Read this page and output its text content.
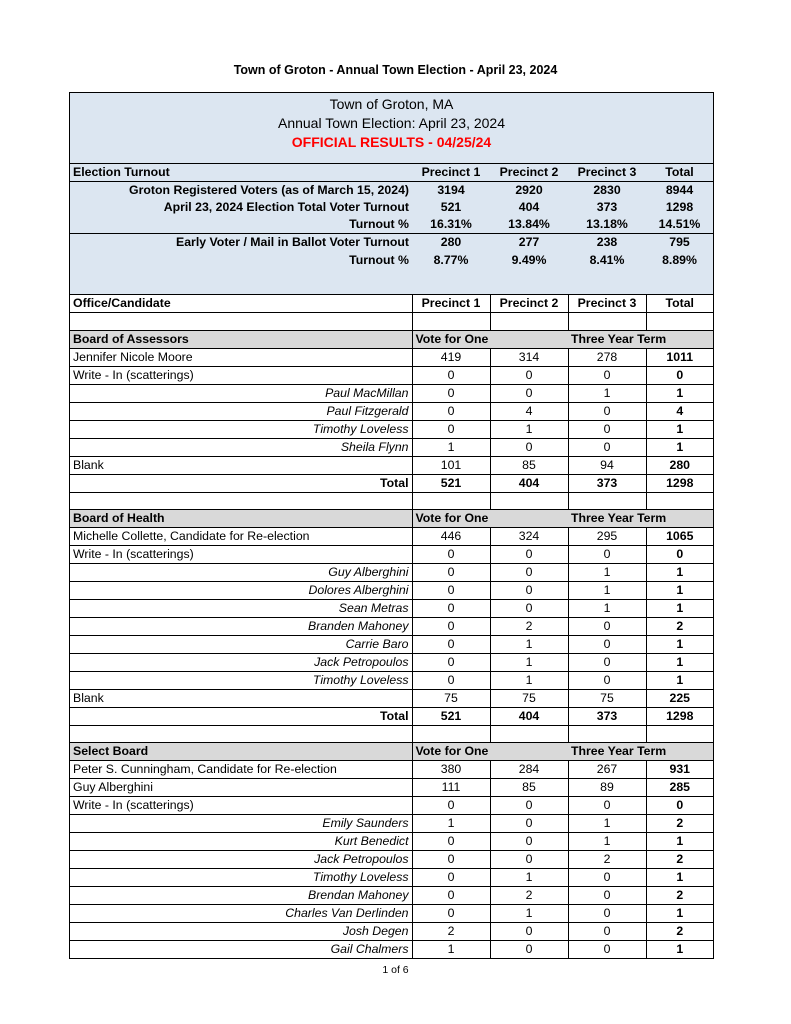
Town of Groton - Annual Town Election - April 23, 2024
Town of Groton, MA
Annual Town Election: April 23, 2024
OFFICIAL RESULTS - 04/25/24
Election Turnout	Precinct 1	Precinct 2	Precinct 3	Total
Groton Registered Voters (as of March 15, 2024)	3194	2920	2830	8944
April 23, 2024 Election Total Voter Turnout	521	404	373	1298
Turnout %	16.31%	13.84%	13.18%	14.51%
Early Voter / Mail in Ballot Voter Turnout	280	277	238	795
Turnout %	8.77%	9.49%	8.41%	8.89%

Office/Candidate	Precinct 1	Precinct 2	Precinct 3	Total

Board of Assessors	Vote for One		Three Year Term	
Jennifer Nicole Moore	419	314	278	1011
Write - In (scatterings)	0	0	0	0
Paul MacMillan	0	0	1	1
Paul Fitzgerald	0	4	0	4
Timothy Loveless	0	1	0	1
Sheila Flynn	1	0	0	1
Blank	101	85	94	280
Total	521	404	373	1298

Board of Health	Vote for One		Three Year Term	
Michelle Collette, Candidate for Re-election	446	324	295	1065
Write - In (scatterings)	0	0	0	0
Guy Alberghini	0	0	1	1
Dolores Alberghini	0	0	1	1
Sean Metras	0	0	1	1
Branden Mahoney	0	2	0	2
Carrie Baro	0	1	0	1
Jack Petropoulos	0	1	0	1
Timothy Loveless	0	1	0	1
Blank	75	75	75	225
Total	521	404	373	1298

Select Board	Vote for One		Three Year Term	
Peter S. Cunningham, Candidate for Re-election	380	284	267	931
Guy Alberghini	111	85	89	285
Write - In (scatterings)	0	0	0	0
Emily Saunders	1	0	1	2
Kurt Benedict	0	0	1	1
Jack Petropoulos	0	0	2	2
Timothy Loveless	0	1	0	1
Brendan Mahoney	0	2	0	2
Charles Van Derlinden	0	1	0	1
Josh Degen	2	0	0	2
Gail Chalmers	1	0	0	1
1 of 6
